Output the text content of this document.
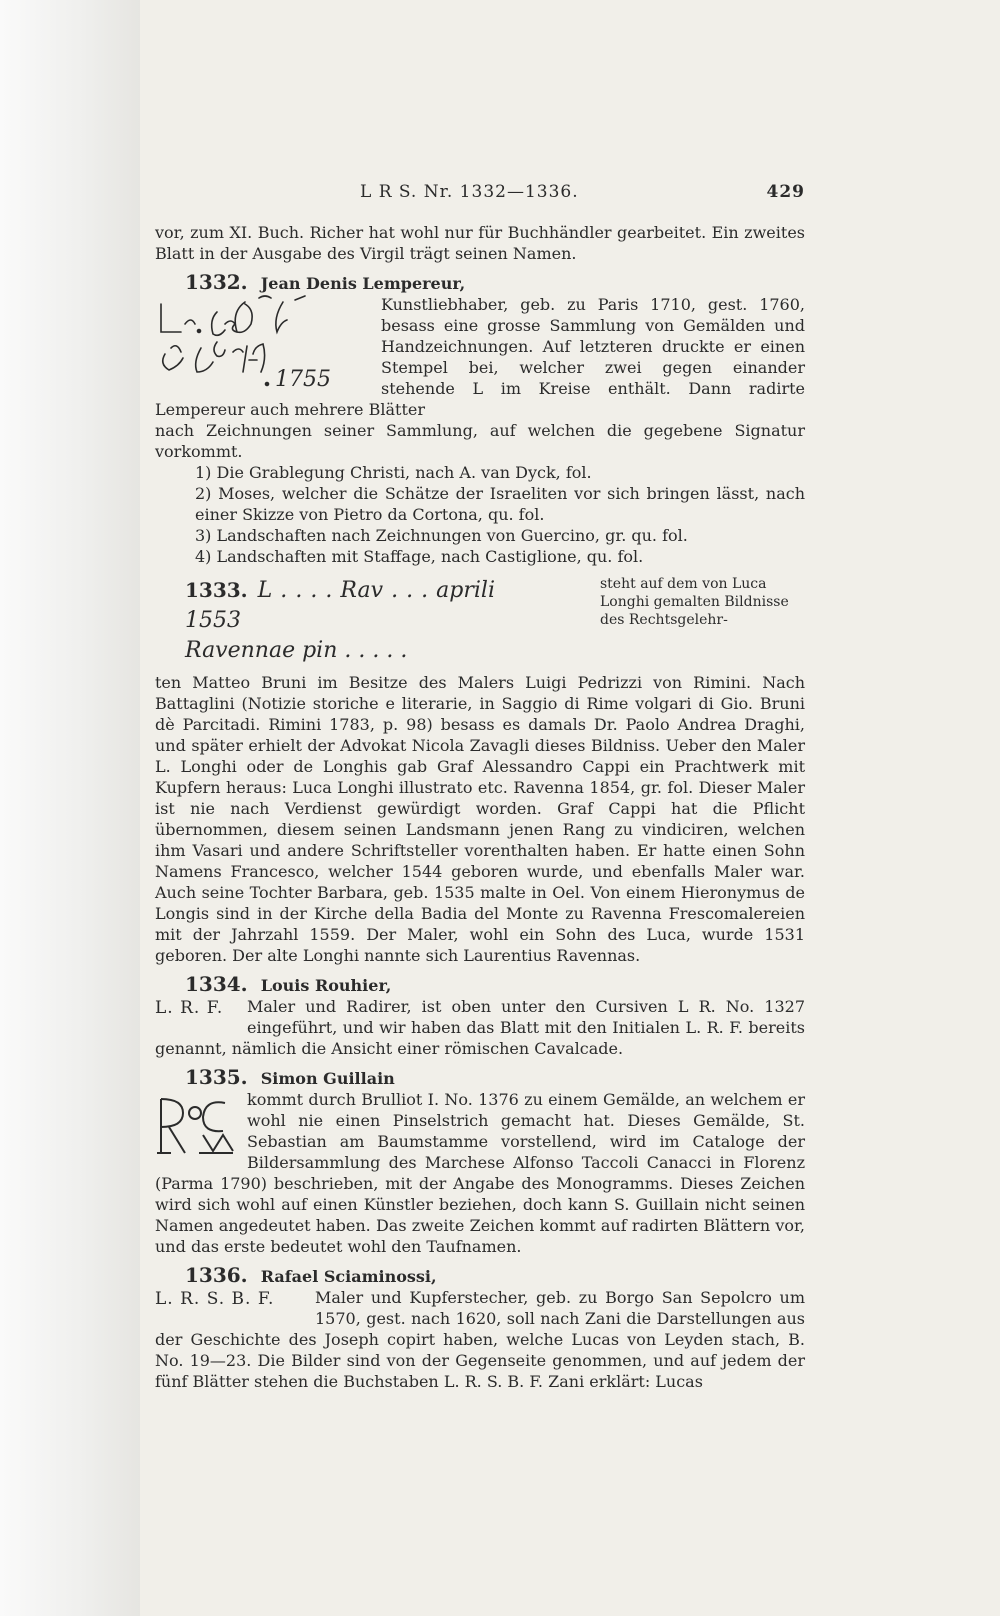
L R S. Nr. 1332—1336.	429

vor, zum XI. Buch. Richer hat wohl nur für Buchhändler gearbeitet. Ein zweites Blatt in der Ausgabe des Virgil trägt seinen Namen.

1332. Jean Denis Lempereur,

1755

Kunstliebhaber, geb. zu Paris 1710, gest. 1760, besass eine grosse Sammlung von Gemälden und Handzeichnungen. Auf letzteren druckte er einen Stempel bei, welcher zwei gegen einander stehende L im Kreise enthält. Dann radirte Lempereur auch mehrere Blätter

nach Zeichnungen seiner Sammlung, auf welchen die gegebene Signatur vorkommt.

1) Die Grablegung Christi, nach A. van Dyck, fol.

2) Moses, welcher die Schätze der Israeliten vor sich bringen lässt, nach einer Skizze von Pietro da Cortona, qu. fol.

3) Landschaften nach Zeichnungen von Guercino, gr. qu. fol.

4) Landschaften mit Staffage, nach Castiglione, qu. fol.

1333. L . . . . Rav . . . aprili 1553
Ravennae pin . . . . .
steht auf dem von Luca Longhi gemalten Bildnisse des Rechtsgelehr-

ten Matteo Bruni im Besitze des Malers Luigi Pedrizzi von Rimini. Nach Battaglini (Notizie storiche e literarie, in Saggio di Rime volgari di Gio. Bruni dè Parcitadi. Rimini 1783, p. 98) besass es damals Dr. Paolo Andrea Draghi, und später erhielt der Advokat Nicola Zavagli dieses Bildniss. Ueber den Maler L. Longhi oder de Longhis gab Graf Alessandro Cappi ein Prachtwerk mit Kupfern heraus: Luca Longhi illustrato etc. Ravenna 1854, gr. fol. Dieser Maler ist nie nach Verdienst gewürdigt worden. Graf Cappi hat die Pflicht übernommen, diesem seinen Landsmann jenen Rang zu vindiciren, welchen ihm Vasari und andere Schriftsteller vorenthalten haben. Er hatte einen Sohn Namens Francesco, welcher 1544 geboren wurde, und ebenfalls Maler war. Auch seine Tochter Barbara, geb. 1535 malte in Oel. Von einem Hieronymus de Longis sind in der Kirche della Badia del Monte zu Ravenna Frescomalereien mit der Jahrzahl 1559. Der Maler, wohl ein Sohn des Luca, wurde 1531 geboren. Der alte Longhi nannte sich Laurentius Ravennas.

1334. Louis Rouhier,

L. R. F.	Maler und Radirer, ist oben unter den Cursiven L R. No. 1327 eingeführt, und wir haben das Blatt mit den Initialen L. R. F. bereits genannt, nämlich die Ansicht einer römischen Cavalcade.

1335. Simon Guillain

kommt durch Brulliot I. No. 1376 zu einem Gemälde, an welchem er wohl nie einen Pinselstrich gemacht hat. Dieses Gemälde, St. Sebastian am Baumstamme vorstellend, wird im Cataloge der Bildersammlung des Marchese Alfonso Taccoli Canacci in Florenz (Parma 1790) beschrieben, mit der Angabe des Monogramms. Dieses Zeichen wird sich wohl auf einen Künstler beziehen, doch kann S. Guillain nicht seinen Namen angedeutet haben. Das zweite Zeichen kommt auf radirten Blättern vor, und das erste bedeutet wohl den Taufnamen.

1336. Rafael Sciaminossi,

L. R. S. B. F.	Maler und Kupferstecher, geb. zu Borgo San Sepolcro um 1570, gest. nach 1620, soll nach Zani die Darstellungen aus der Geschichte des Joseph copirt haben, welche Lucas von Leyden stach, B. No. 19—23. Die Bilder sind von der Gegenseite genommen, und auf jedem der fünf Blätter stehen die Buchstaben L. R. S. B. F. Zani erklärt: Lucas
